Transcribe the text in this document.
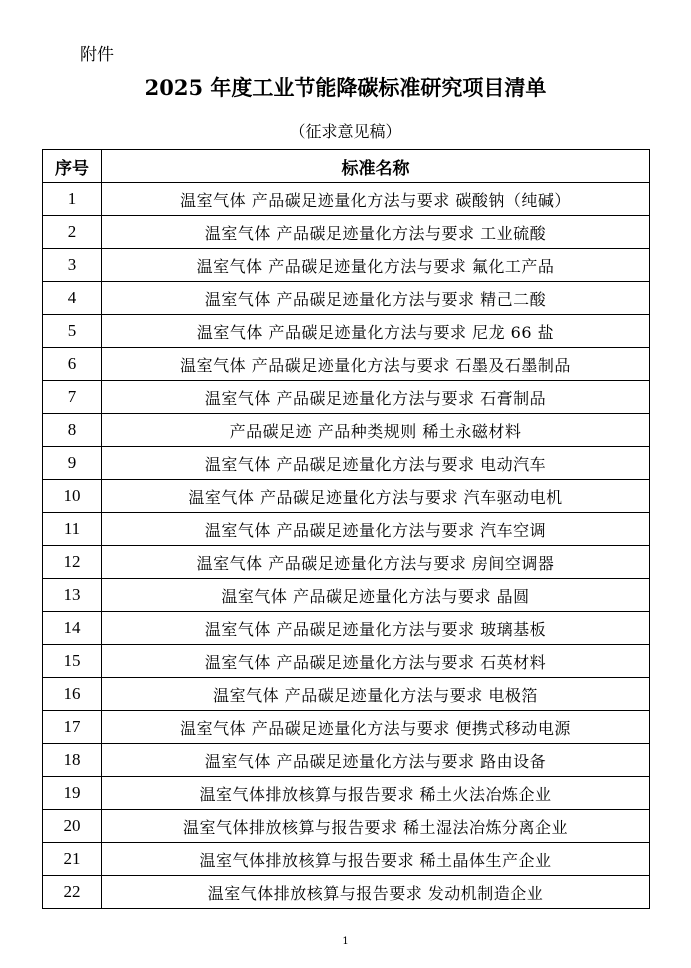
附件
2025 年度工业节能降碳标准研究项目清单
（征求意见稿）
序号	标准名称
1	温室气体 产品碳足迹量化方法与要求 碳酸钠（纯碱）
2	温室气体 产品碳足迹量化方法与要求 工业硫酸
3	温室气体 产品碳足迹量化方法与要求 氟化工产品
4	温室气体 产品碳足迹量化方法与要求 精己二酸
5	温室气体 产品碳足迹量化方法与要求 尼龙 66 盐
6	温室气体 产品碳足迹量化方法与要求 石墨及石墨制品
7	温室气体 产品碳足迹量化方法与要求 石膏制品
8	产品碳足迹 产品种类规则 稀土永磁材料
9	温室气体 产品碳足迹量化方法与要求 电动汽车
10	温室气体 产品碳足迹量化方法与要求 汽车驱动电机
11	温室气体 产品碳足迹量化方法与要求 汽车空调
12	温室气体 产品碳足迹量化方法与要求 房间空调器
13	温室气体 产品碳足迹量化方法与要求 晶圆
14	温室气体 产品碳足迹量化方法与要求 玻璃基板
15	温室气体 产品碳足迹量化方法与要求 石英材料
16	温室气体 产品碳足迹量化方法与要求 电极箔
17	温室气体 产品碳足迹量化方法与要求 便携式移动电源
18	温室气体 产品碳足迹量化方法与要求 路由设备
19	温室气体排放核算与报告要求 稀土火法冶炼企业
20	温室气体排放核算与报告要求 稀土湿法冶炼分离企业
21	温室气体排放核算与报告要求 稀土晶体生产企业
22	温室气体排放核算与报告要求 发动机制造企业
1
